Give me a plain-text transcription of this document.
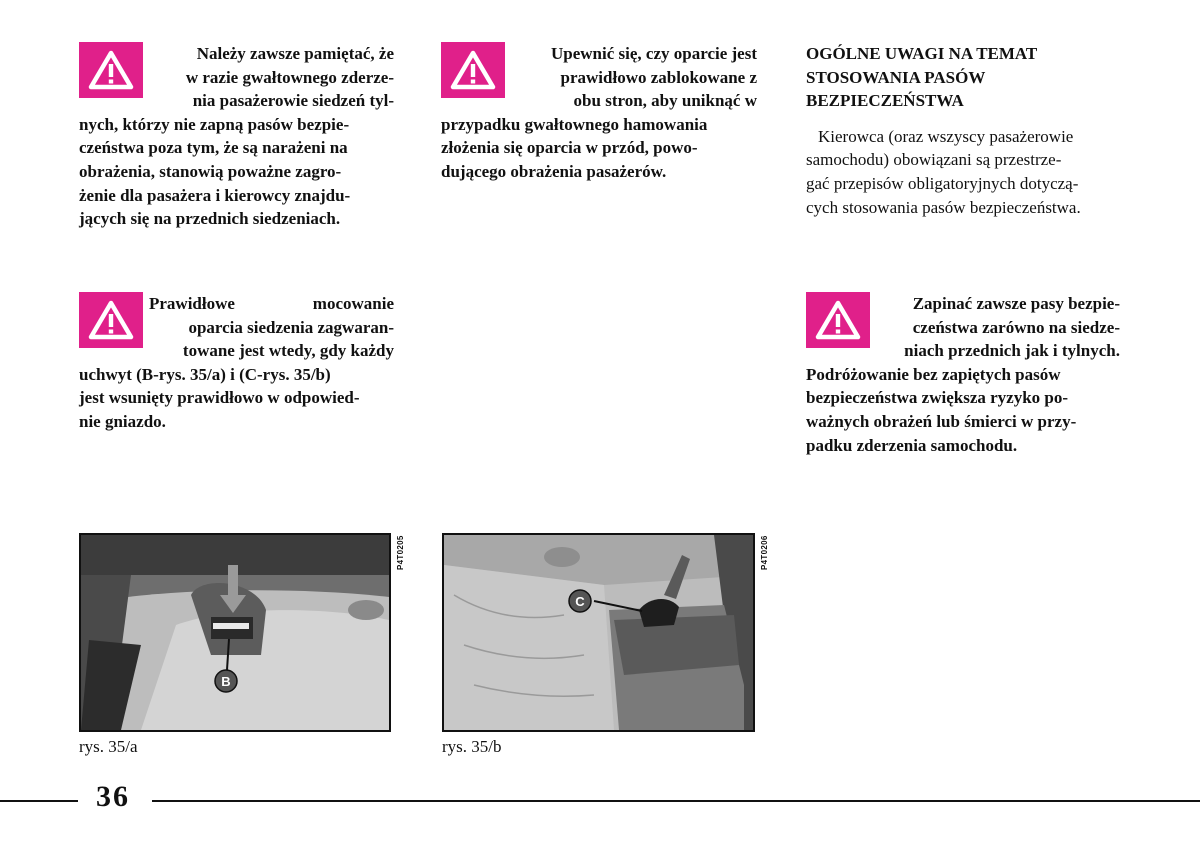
Należy zawsze pamiętać, że
w razie gwałtownego zderze-
nia pasażerowie siedzeń tyl-
nych, którzy nie zapną pasów bezpie-
czeństwa poza tym, że są narażeni na
obrażenia, stanowią poważne zagro-
żenie dla pasażera i kierowcy znajdu-
jących się na przednich siedzeniach.
Upewnić się, czy oparcie jest
prawidłowo zablokowane z
obu stron, aby uniknąć w
przypadku gwałtownego hamowania
złożenia się oparcia w przód, powo-
dującego obrażenia pasażerów.
OGÓLNE UWAGI NA TEMAT
STOSOWANIA PASÓW
BEZPIECZEŃSTWA
Kierowca (oraz wszyscy pasażerowie
samochodu) obowiązani są przestrze-
gać przepisów obligatoryjnych dotyczą-
cych stosowania pasów bezpieczeństwa.
Prawidłowe mocowanie
oparcia siedzenia zagwaran-
towane jest wtedy, gdy każdy
uchwyt (B-rys. 35/a) i (C-rys. 35/b)
jest wsunięty prawidłowo w odpowied-
nie gniazdo.
Zapinać zawsze pasy bezpie-
czeństwa zarówno na siedze-
niach przednich jak i tylnych.
Podróżowanie bez zapiętych pasów
bezpieczeństwa zwiększa ryzyko po-
ważnych obrażeń lub śmierci w przy-
padku zderzenia samochodu.
B
P4T0205
rys. 35/a
C
P4T0206
rys. 35/b
36
